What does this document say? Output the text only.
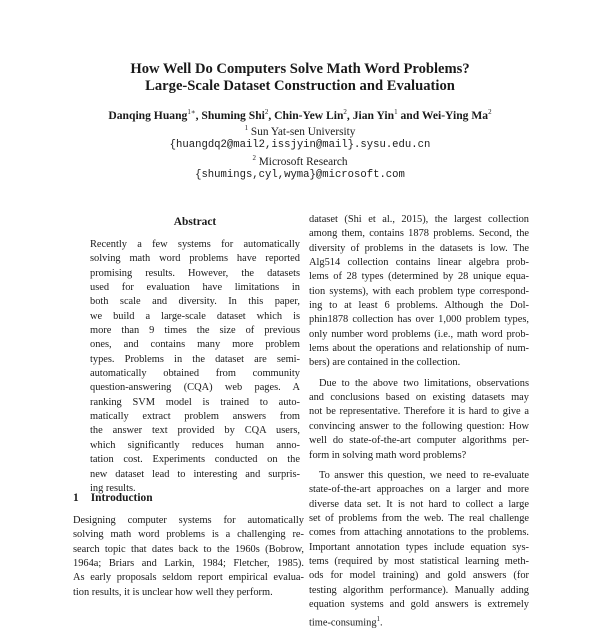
How Well Do Computers Solve Math Word Problems?
Large-Scale Dataset Construction and Evaluation
Danqing Huang$^{1∗}$, Shuming Shi$^2$, Chin-Yew Lin$^2$, Jian Yin$^1$ and Wei-Ying Ma$^2$
$^1$ Sun Yat-sen University
{huangdq2@mail2,issjyin@mail}.sysu.edu.cn
$^2$ Microsoft Research
{shumings,cyl,wyma}@microsoft.com
Abstract
Recently a few systems for automatically
solving math word problems have reported
promising results. However, the datasets
used for evaluation have limitations in
both scale and diversity. In this paper,
we build a large-scale dataset which is
more than 9 times the size of previous
ones, and contains many more problem
types. Problems in the dataset are semi-
automatically obtained from community
question-answering (CQA) web pages. A
ranking SVM model is trained to auto-
matically extract problem answers from
the answer text provided by CQA users,
which significantly reduces human anno-
tation cost. Experiments conducted on the
new dataset lead to interesting and surpris-
ing results.
1 Introduction
Designing computer systems for automatically
solving math word problems is a challenging re-
search topic that dates back to the 1960s (Bobrow,
1964a; Briars and Larkin, 1984; Fletcher, 1985).
As early proposals seldom report empirical evalua-
tion results, it is unclear how well they perform.
dataset (Shi et al., 2015), the largest collection
among them, contains 1878 problems. Second, the
diversity of problems in the datasets is low. The
Alg514 collection contains linear algebra prob-
lems of 28 types (determined by 28 unique equa-
tion systems), with each problem type correspond-
ing to at least 6 problems. Although the Dol-
phin1878 collection has over 1,000 problem types,
only number word problems (i.e., math word prob-
lems about the operations and relationship of num-
bers) are contained in the collection.
Due to the above two limitations, observations
and conclusions based on existing datasets may
not be representative. Therefore it is hard to give a
convincing answer to the following question: How
well do state-of-the-art computer algorithms per-
form in solving math word problems?
To answer this question, we need to re-evaluate
state-of-the-art approaches on a larger and more
diverse data set. It is not hard to collect a large
set of problems from the web. The real challenge
comes from attaching annotations to the problems.
Important annotation types include equation sys-
tems (required by most statistical learning meth-
ods for model training) and gold answers (for
testing algorithm performance). Manually adding
equation systems and gold answers is extremely
time-consuming$^1$.
